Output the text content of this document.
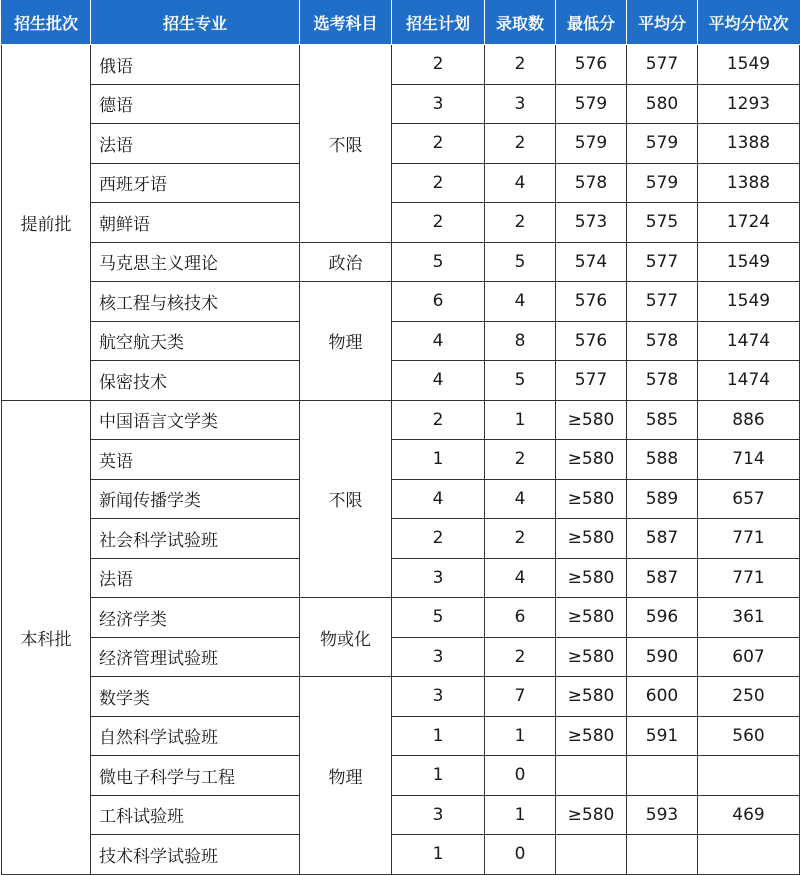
招生批次	招生专业	选考科目	招生计划	录取数	最低分	平均分	平均分位次
提前批	俄语	不限	2	2	576	577	1549
	德语		3	3	579	580	1293
	法语		2	2	579	579	1388
	西班牙语		2	4	578	579	1388
	朝鲜语		2	2	573	575	1724
	马克思主义理论	政治	5	5	574	577	1549
	核工程与核技术	物理	6	4	576	577	1549
	航空航天类		4	8	576	578	1474
	保密技术		4	5	577	578	1474
本科批	中国语言文学类	不限	2	1	≥580	585	886
	英语		1	2	≥580	588	714
	新闻传播学类		4	4	≥580	589	657
	社会科学试验班		2	2	≥580	587	771
	法语		3	4	≥580	587	771
	经济学类	物或化	5	6	≥580	596	361
	经济管理试验班		3	2	≥580	590	607
	数学类	物理	3	7	≥580	600	250
	自然科学试验班		1	1	≥580	591	560
	微电子科学与工程		1	0			
	工科试验班		3	1	≥580	593	469
	技术科学试验班		1	0			
